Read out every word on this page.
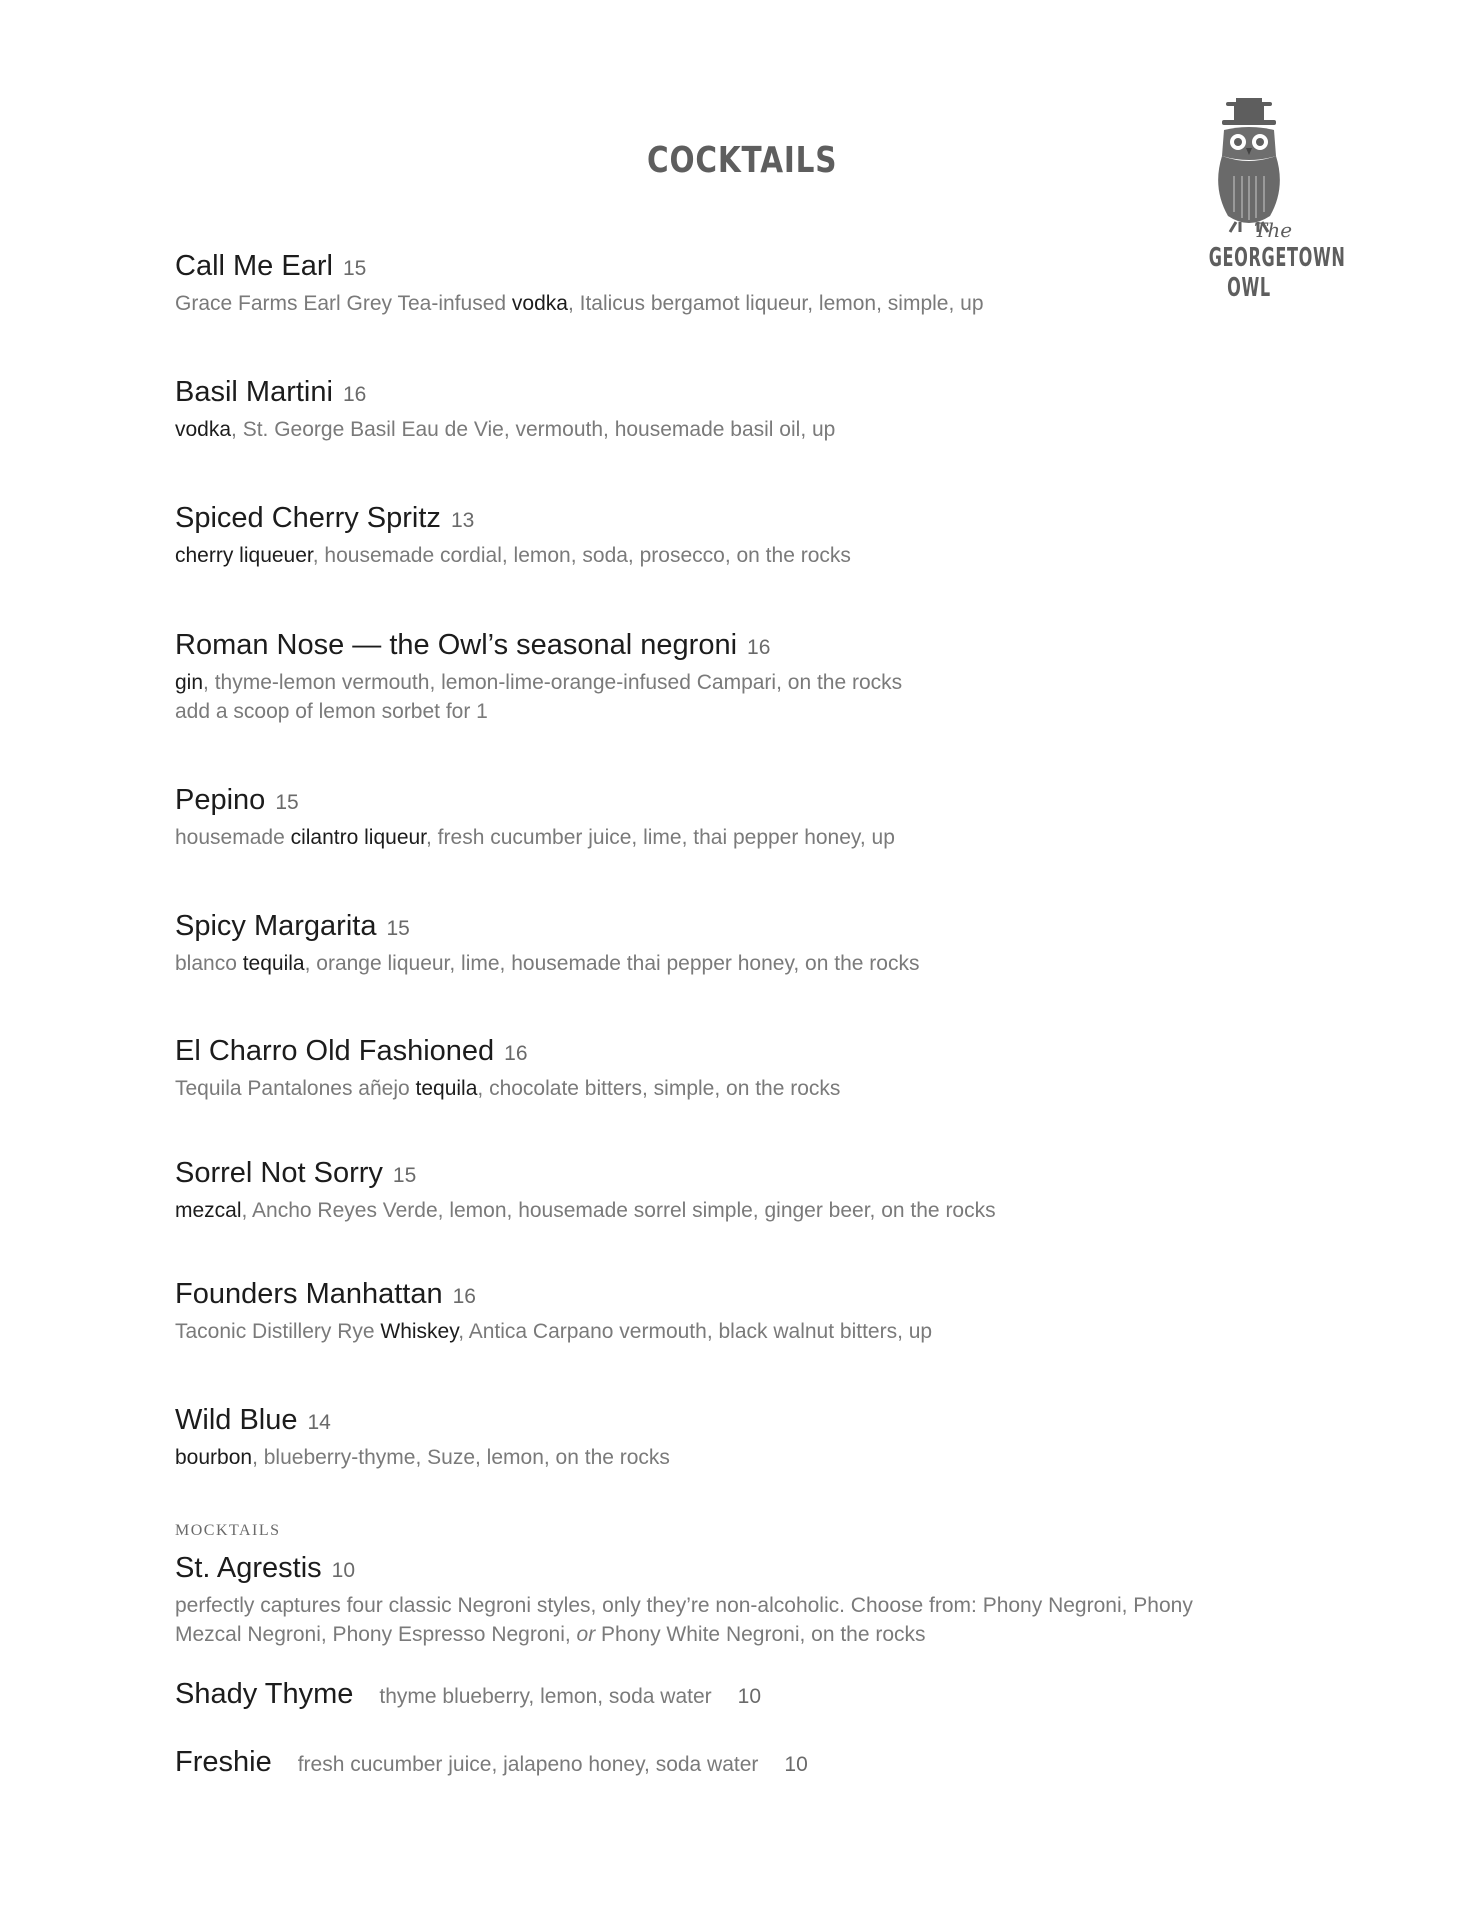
COCKTAILS
The
GEORGETOWN
OWL
Call Me Earl 15
Grace Farms Earl Grey Tea-infused vodka, Italicus bergamot liqueur, lemon, simple, up
Basil Martini 16
vodka, St. George Basil Eau de Vie, vermouth, housemade basil oil, up
Spiced Cherry Spritz 13
cherry liqueuer, housemade cordial, lemon, soda, prosecco, on the rocks
Roman Nose — the Owl’s seasonal negroni 16
gin, thyme-lemon vermouth, lemon-lime-orange-infused Campari, on the rocks
add a scoop of lemon sorbet for 1
Pepino 15
housemade cilantro liqueur, fresh cucumber juice, lime, thai pepper honey, up
Spicy Margarita 15
blanco tequila, orange liqueur, lime, housemade thai pepper honey, on the rocks
El Charro Old Fashioned 16
Tequila Pantalones añejo tequila, chocolate bitters, simple, on the rocks
Sorrel Not Sorry 15
mezcal, Ancho Reyes Verde, lemon, housemade sorrel simple, ginger beer, on the rocks
Founders Manhattan 16
Taconic Distillery Rye Whiskey, Antica Carpano vermouth, black walnut bitters, up
Wild Blue 14
bourbon, blueberry-thyme, Suze, lemon, on the rocks
MOCKTAILS
St. Agrestis 10
perfectly captures four classic Negroni styles, only they’re non-alcoholic. Choose from: Phony Negroni, Phony
Mezcal Negroni, Phony Espresso Negroni, or Phony White Negroni, on the rocks
Shady Thyme thyme blueberry, lemon, soda water 10
Freshie fresh cucumber juice, jalapeno honey, soda water 10
